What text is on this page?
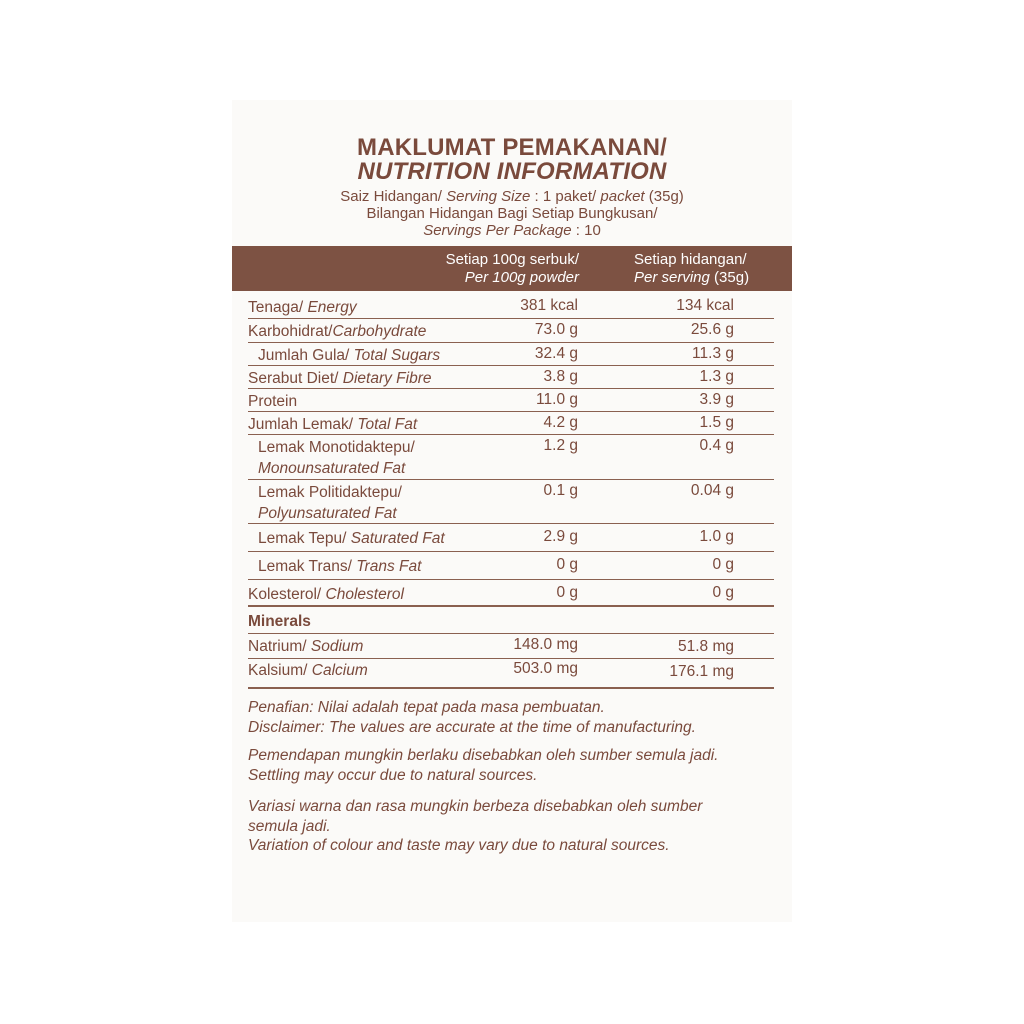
MAKLUMAT PEMAKANAN/
NUTRITION INFORMATION
Saiz Hidangan/ Serving Size : 1 paket/ packet (35g)
Bilangan Hidangan Bagi Setiap Bungkusan/
Servings Per Package : 10
Setiap 100g serbuk/
Per 100g powder
Setiap hidangan/
Per serving (35g)
Tenaga/ Energy	381 kcal	134 kcal
Karbohidrat/Carbohydrate	73.0 g	25.6 g
Jumlah Gula/ Total Sugars	32.4 g	11.3 g
Serabut Diet/ Dietary Fibre	3.8 g	1.3 g
Protein	11.0 g	3.9 g
Jumlah Lemak/ Total Fat	4.2 g	1.5 g
Lemak Monotidaktepu/
Monounsaturated Fat
1.2 g	0.4 g
Lemak Politidaktepu/
Polyunsaturated Fat
0.1 g	0.04 g
Lemak Tepu/ Saturated Fat	2.9 g	1.0 g
Lemak Trans/ Trans Fat	0 g	0 g
Kolesterol/ Cholesterol	0 g	0 g
Minerals
Natrium/ Sodium	148.0 mg	51.8 mg
Kalsium/ Calcium	503.0 mg	176.1 mg
Penafian: Nilai adalah tepat pada masa pembuatan.
Disclaimer: The values are accurate at the time of manufacturing.
Pemendapan mungkin berlaku disebabkan oleh sumber semula jadi.
Settling may occur due to natural sources.
Variasi warna dan rasa mungkin berbeza disebabkan oleh sumber
semula jadi.
Variation of colour and taste may vary due to natural sources.
